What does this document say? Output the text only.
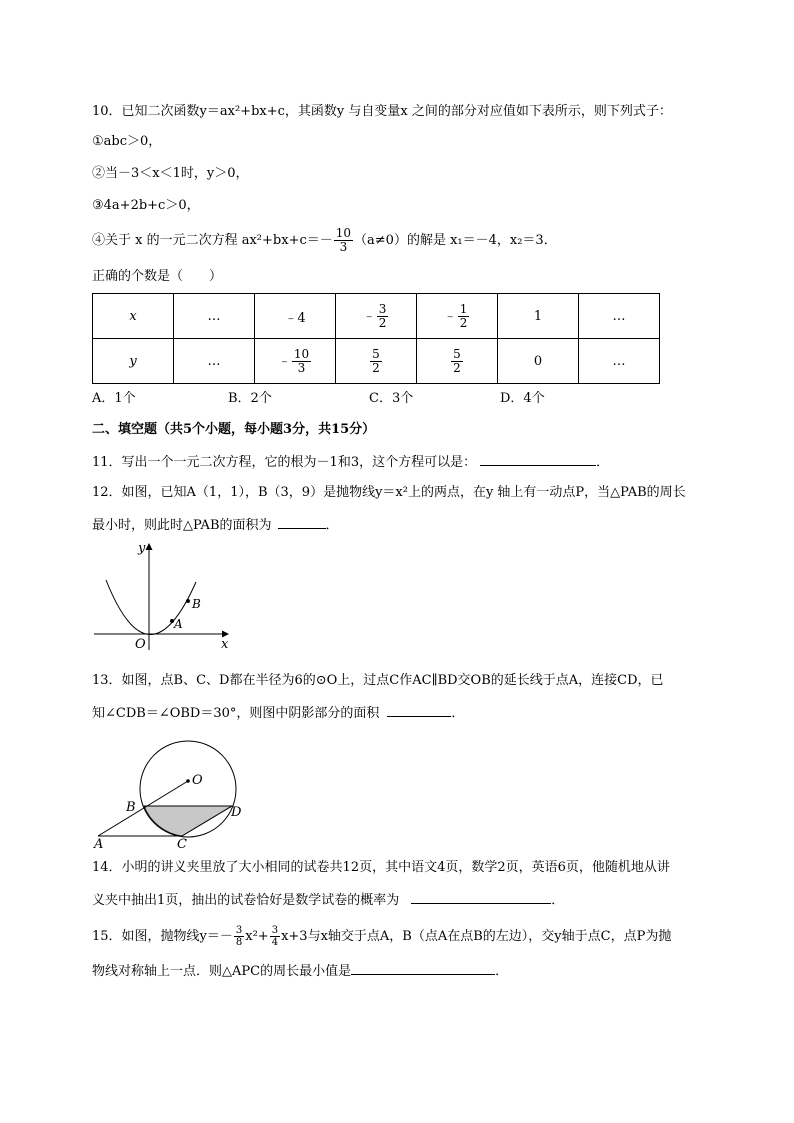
10．已知二次函数y＝ax²+bx+c，其函数y 与自变量x 之间的部分对应值如下表所示，则下列式子：
①abc＞0，
②当－3＜x＜1时，y＞0，
③4a+2b+c＞0，
④关于 x 的一元二次方程 $ax^2+bx+c=- \frac{10}{3} (a\ne 0)$的解是 x₁＝－4，x₂＝3．
正确的个数是（　　）
x	…	﹣4	﹣ $\frac{3}{2}$	﹣ $\frac{1}{2}$	1	…
y	…	﹣ $\frac{10}{3}$	$\frac{5}{2}$	$\frac{5}{2}$	0	…
A．1个	B．2个	C．3个	D．4个
二、填空题（共5个小题，每小题3分，共15分）
11．写出一个一元二次方程，它的根为－1和3，这个方程可以是：	．
12．如图，已知A（1，1），B（3，9）是抛物线y＝x²上的两点，在y 轴上有一动点P，当△PAB的周长
最小时，则此时△PAB的面积为	．
y
x
O
A
B
13．如图，点B、C、D都在半径为6的⊙O上，过点C作AC∥BD交OB的延长线于点A，连接CD，已
知∠CDB＝∠OBD＝30°，则图中阴影部分的面积	．
O
B	D
A	C
14．小明的讲义夹里放了大小相同的试卷共12页，其中语文4页，数学2页，英语6页，他随机地从讲
义夹中抽出1页，抽出的试卷恰好是数学试卷的概率为	．
15．如图，抛物线$y=- \frac{3}{8} x^2+ \frac{3}{4} x+3$与x轴交于点A，B（点A在点B的左边），交y轴于点C，点P为抛
物线对称轴上一点．则△APC的周长最小值是	．
